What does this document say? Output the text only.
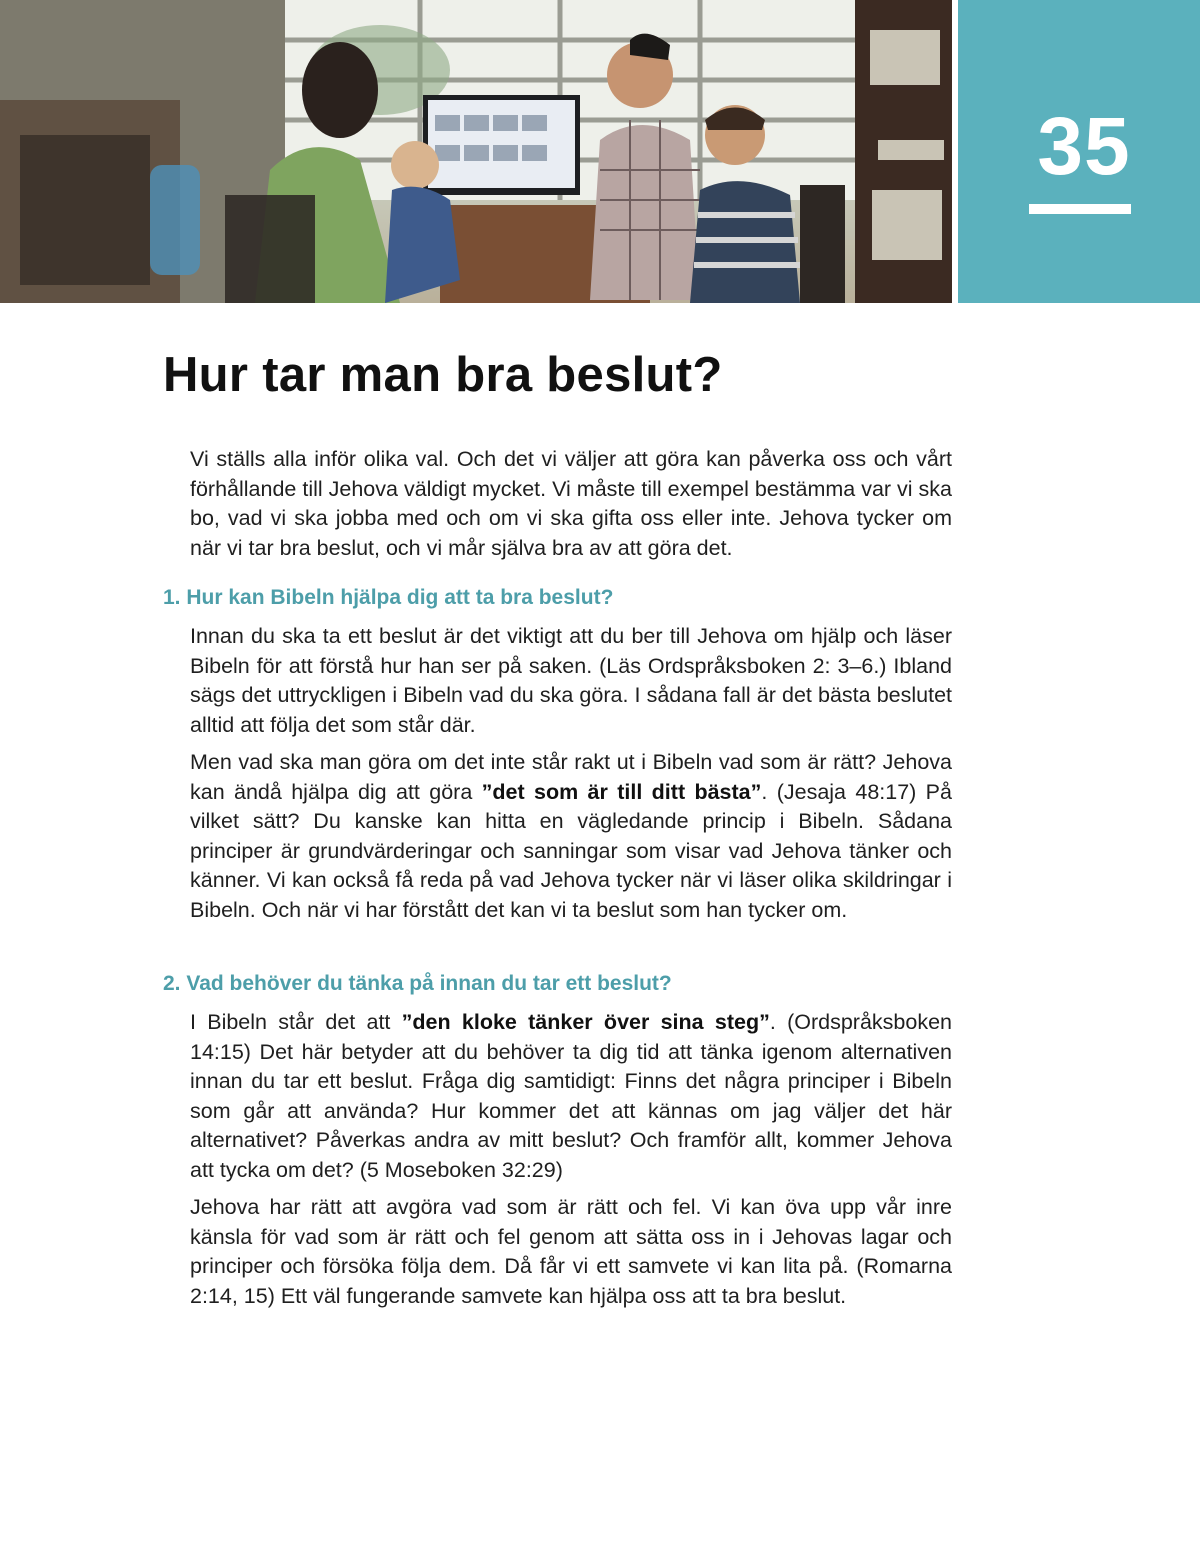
35
Hur tar man bra beslut?

Vi ställs alla inför olika val. Och det vi väljer att göra kan påverka oss och vårt förhållande till Jehova väldigt mycket. Vi måste till exempel bestämma var vi ska bo, vad vi ska jobba med och om vi ska gifta oss eller inte. Jehova tycker om när vi tar bra beslut, och vi mår själva bra av att göra det.

1. Hur kan Bibeln hjälpa dig att ta bra beslut?

Innan du ska ta ett beslut är det viktigt att du ber till Jehova om hjälp och läser Bibeln för att förstå hur han ser på saken. (Läs Ordspråksboken 2: 3–6.) Ibland sägs det uttryckligen i Bibeln vad du ska göra. I sådana fall är det bästa beslutet alltid att följa det som står där.

Men vad ska man göra om det inte står rakt ut i Bibeln vad som är rätt? Jehova kan ändå hjälpa dig att göra ”det som är till ditt bästa”. (Jesaja 48:17) På vilket sätt? Du kanske kan hitta en vägledande princip i Bibeln. Sådana principer är grundvärderingar och sanningar som visar vad Jehova tänker och känner. Vi kan också få reda på vad Jehova tycker när vi läser olika skildringar i Bibeln. Och när vi har förstått det kan vi ta beslut som han tycker om.

2. Vad behöver du tänka på innan du tar ett beslut?

I Bibeln står det att ”den kloke tänker över sina steg”. (Ordspråksboken 14:15) Det här betyder att du behöver ta dig tid att tänka igenom alternativen innan du tar ett beslut. Fråga dig samtidigt: Finns det några principer i Bibeln som går att använda? Hur kommer det att kännas om jag väljer det här alternativet? Påverkas andra av mitt beslut? Och framför allt, kommer Jehova att tycka om det? (5 Moseboken 32:29)

Jehova har rätt att avgöra vad som är rätt och fel. Vi kan öva upp vår inre känsla för vad som är rätt och fel genom att sätta oss in i Jehovas lagar och principer och försöka följa dem. Då får vi ett samvete vi kan lita på. (Romarna 2:14, 15) Ett väl fungerande samvete kan hjälpa oss att ta bra beslut.
